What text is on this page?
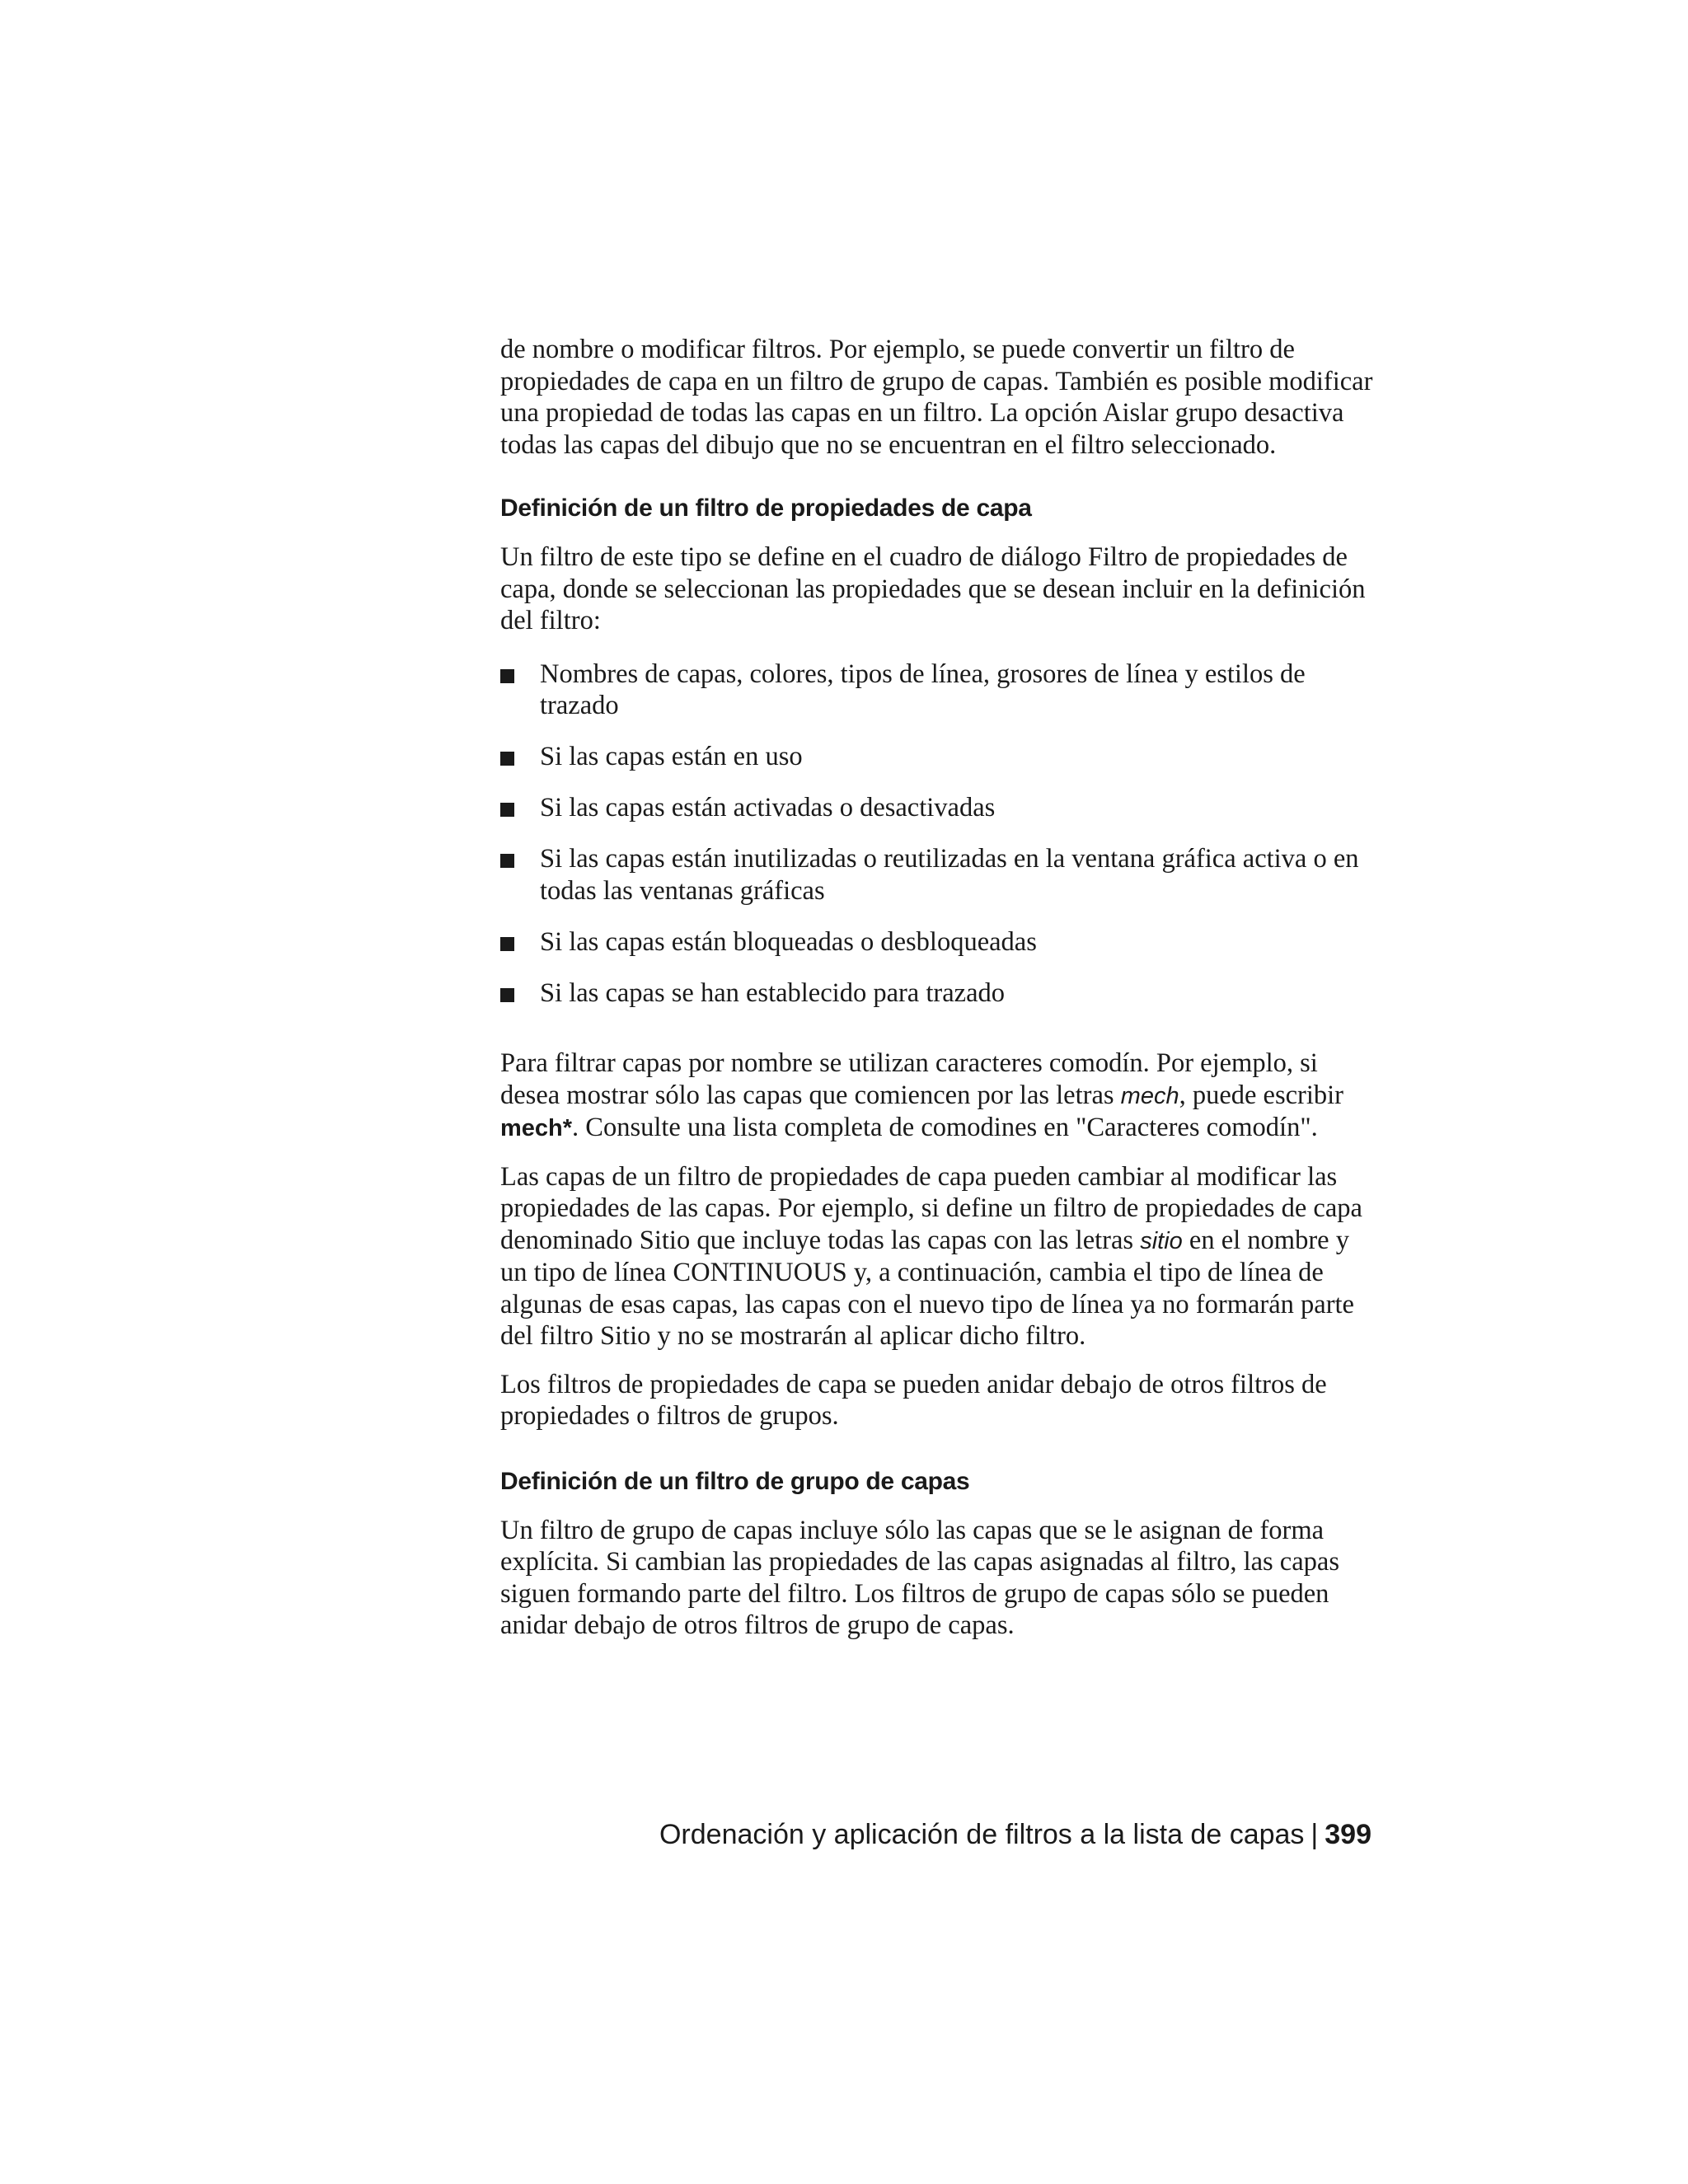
de nombre o modificar filtros. Por ejemplo, se puede convertir un filtro de propiedades de capa en un filtro de grupo de capas. También es posible modificar una propiedad de todas las capas en un filtro. La opción Aislar grupo desactiva todas las capas del dibujo que no se encuentran en el filtro seleccionado.

Definición de un filtro de propiedades de capa

Un filtro de este tipo se define en el cuadro de diálogo Filtro de propiedades de capa, donde se seleccionan las propiedades que se desean incluir en la definición del filtro:

Nombres de capas, colores, tipos de línea, grosores de línea y estilos de trazado
Si las capas están en uso
Si las capas están activadas o desactivadas
Si las capas están inutilizadas o reutilizadas en la ventana gráfica activa o en todas las ventanas gráficas
Si las capas están bloqueadas o desbloqueadas
Si las capas se han establecido para trazado

Para filtrar capas por nombre se utilizan caracteres comodín. Por ejemplo, si desea mostrar sólo las capas que comiencen por las letras mech, puede escribir mech*. Consulte una lista completa de comodines en "Caracteres comodín".

Las capas de un filtro de propiedades de capa pueden cambiar al modificar las propiedades de las capas. Por ejemplo, si define un filtro de propiedades de capa denominado Sitio que incluye todas las capas con las letras sitio en el nombre y un tipo de línea CONTINUOUS y, a continuación, cambia el tipo de línea de algunas de esas capas, las capas con el nuevo tipo de línea ya no formarán parte del filtro Sitio y no se mostrarán al aplicar dicho filtro.

Los filtros de propiedades de capa se pueden anidar debajo de otros filtros de propiedades o filtros de grupos.

Definición de un filtro de grupo de capas

Un filtro de grupo de capas incluye sólo las capas que se le asignan de forma explícita. Si cambian las propiedades de las capas asignadas al filtro, las capas siguen formando parte del filtro. Los filtros de grupo de capas sólo se pueden anidar debajo de otros filtros de grupo de capas.

Ordenación y aplicación de filtros a la lista de capas | 399
